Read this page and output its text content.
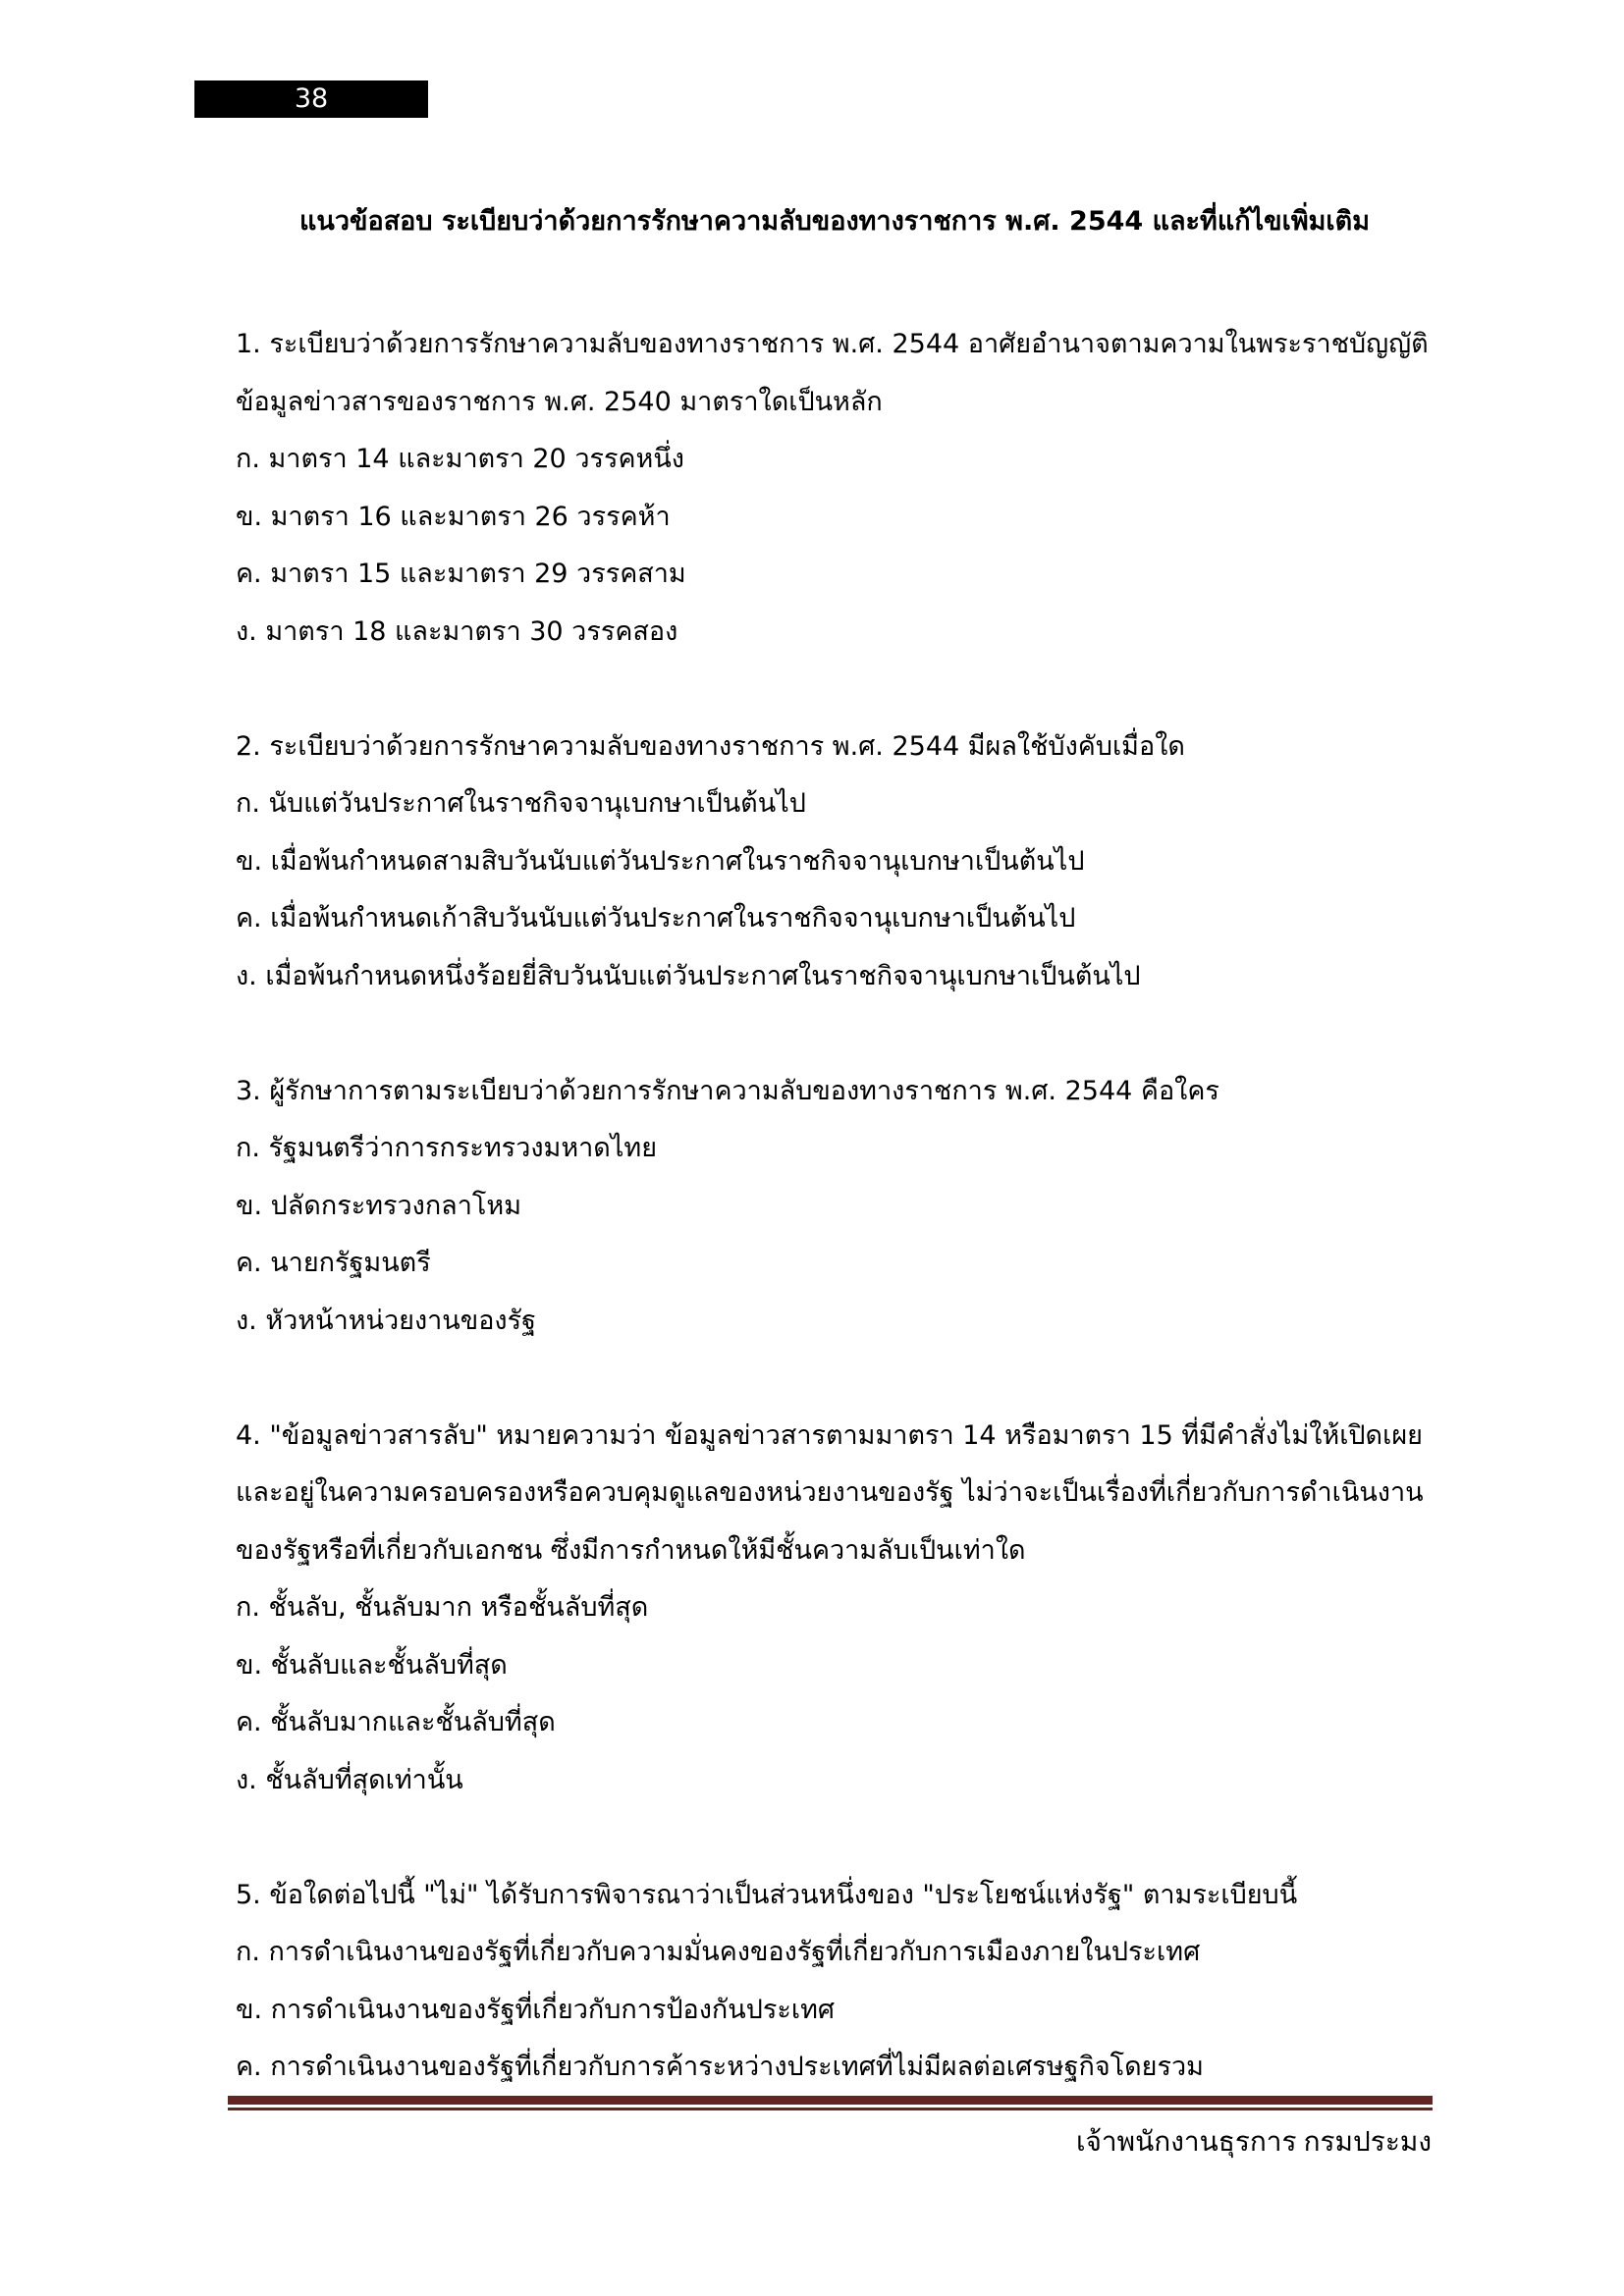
38
แนวข้อสอบ ระเบียบว่าด้วยการรักษาความลับของทางราชการ พ.ศ. 2544 และที่แก้ไขเพิ่มเติม
1. ระเบียบว่าด้วยการรักษาความลับของทางราชการ พ.ศ. 2544 อาศัยอำนาจตามความในพระราชบัญญัติ
ข้อมูลข่าวสารของราชการ พ.ศ. 2540 มาตราใดเป็นหลัก
ก. มาตรา 14 และมาตรา 20 วรรคหนึ่ง
ข. มาตรา 16 และมาตรา 26 วรรคห้า
ค. มาตรา 15 และมาตรา 29 วรรคสาม
ง. มาตรา 18 และมาตรา 30 วรรคสอง
2. ระเบียบว่าด้วยการรักษาความลับของทางราชการ พ.ศ. 2544 มีผลใช้บังคับเมื่อใด
ก. นับแต่วันประกาศในราชกิจจานุเบกษาเป็นต้นไป
ข. เมื่อพ้นกำหนดสามสิบวันนับแต่วันประกาศในราชกิจจานุเบกษาเป็นต้นไป
ค. เมื่อพ้นกำหนดเก้าสิบวันนับแต่วันประกาศในราชกิจจานุเบกษาเป็นต้นไป
ง. เมื่อพ้นกำหนดหนึ่งร้อยยี่สิบวันนับแต่วันประกาศในราชกิจจานุเบกษาเป็นต้นไป
3. ผู้รักษาการตามระเบียบว่าด้วยการรักษาความลับของทางราชการ พ.ศ. 2544 คือใคร
ก. รัฐมนตรีว่าการกระทรวงมหาดไทย
ข. ปลัดกระทรวงกลาโหม
ค. นายกรัฐมนตรี
ง. หัวหน้าหน่วยงานของรัฐ
4. "ข้อมูลข่าวสารลับ" หมายความว่า ข้อมูลข่าวสารตามมาตรา 14 หรือมาตรา 15 ที่มีคำสั่งไม่ให้เปิดเผย
และอยู่ในความครอบครองหรือควบคุมดูแลของหน่วยงานของรัฐ ไม่ว่าจะเป็นเรื่องที่เกี่ยวกับการดำเนินงาน
ของรัฐหรือที่เกี่ยวกับเอกชน ซึ่งมีการกำหนดให้มีชั้นความลับเป็นเท่าใด
ก. ชั้นลับ, ชั้นลับมาก หรือชั้นลับที่สุด
ข. ชั้นลับและชั้นลับที่สุด
ค. ชั้นลับมากและชั้นลับที่สุด
ง. ชั้นลับที่สุดเท่านั้น
5. ข้อใดต่อไปนี้ "ไม่" ได้รับการพิจารณาว่าเป็นส่วนหนึ่งของ "ประโยชน์แห่งรัฐ" ตามระเบียบนี้
ก. การดำเนินงานของรัฐที่เกี่ยวกับความมั่นคงของรัฐที่เกี่ยวกับการเมืองภายในประเทศ
ข. การดำเนินงานของรัฐที่เกี่ยวกับการป้องกันประเทศ
ค. การดำเนินงานของรัฐที่เกี่ยวกับการค้าระหว่างประเทศที่ไม่มีผลต่อเศรษฐกิจโดยรวม
เจ้าพนักงานธุรการ กรมประมง
